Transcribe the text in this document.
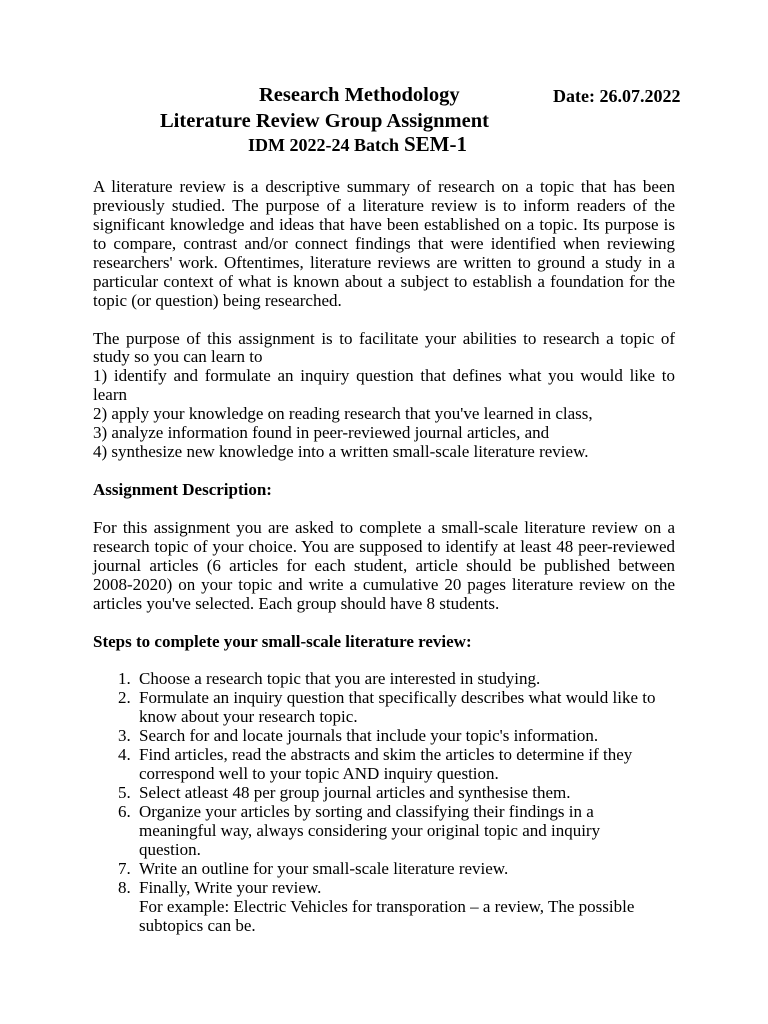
Research Methodology	Date: 26.07.2022
Literature Review Group Assignment
IDM 2022-24 Batch SEM-1
A literature review is a descriptive summary of research on a topic that has been
previously studied. The purpose of a literature review is to inform readers of the
significant knowledge and ideas that have been established on a topic. Its purpose is
to compare, contrast and/or connect findings that were identified when reviewing
researchers' work. Oftentimes, literature reviews are written to ground a study in a
particular context of what is known about a subject to establish a foundation for the
topic (or question) being researched.
The purpose of this assignment is to facilitate your abilities to research a topic of
study so you can learn to
1) identify and formulate an inquiry question that defines what you would like to
learn
2) apply your knowledge on reading research that you've learned in class,
3) analyze information found in peer-reviewed journal articles, and
4) synthesize new knowledge into a written small-scale literature review.
Assignment Description:
For this assignment you are asked to complete a small-scale literature review on a
research topic of your choice. You are supposed to identify at least 48 peer-reviewed
journal articles (6 articles for each student, article should be published between
2008-2020) on your topic and write a cumulative 20 pages literature review on the
articles you've selected. Each group should have 8 students.
Steps to complete your small-scale literature review:
1. Choose a research topic that you are interested in studying.
2. Formulate an inquiry question that specifically describes what would like to
know about your research topic.
3. Search for and locate journals that include your topic's information.
4. Find articles, read the abstracts and skim the articles to determine if they
correspond well to your topic AND inquiry question.
5. Select atleast 48 per group journal articles and synthesise them.
6. Organize your articles by sorting and classifying their findings in a
meaningful way, always considering your original topic and inquiry
question.
7. Write an outline for your small-scale literature review.
8. Finally, Write your review.
For example: Electric Vehicles for transporation – a review, The possible
subtopics can be.
